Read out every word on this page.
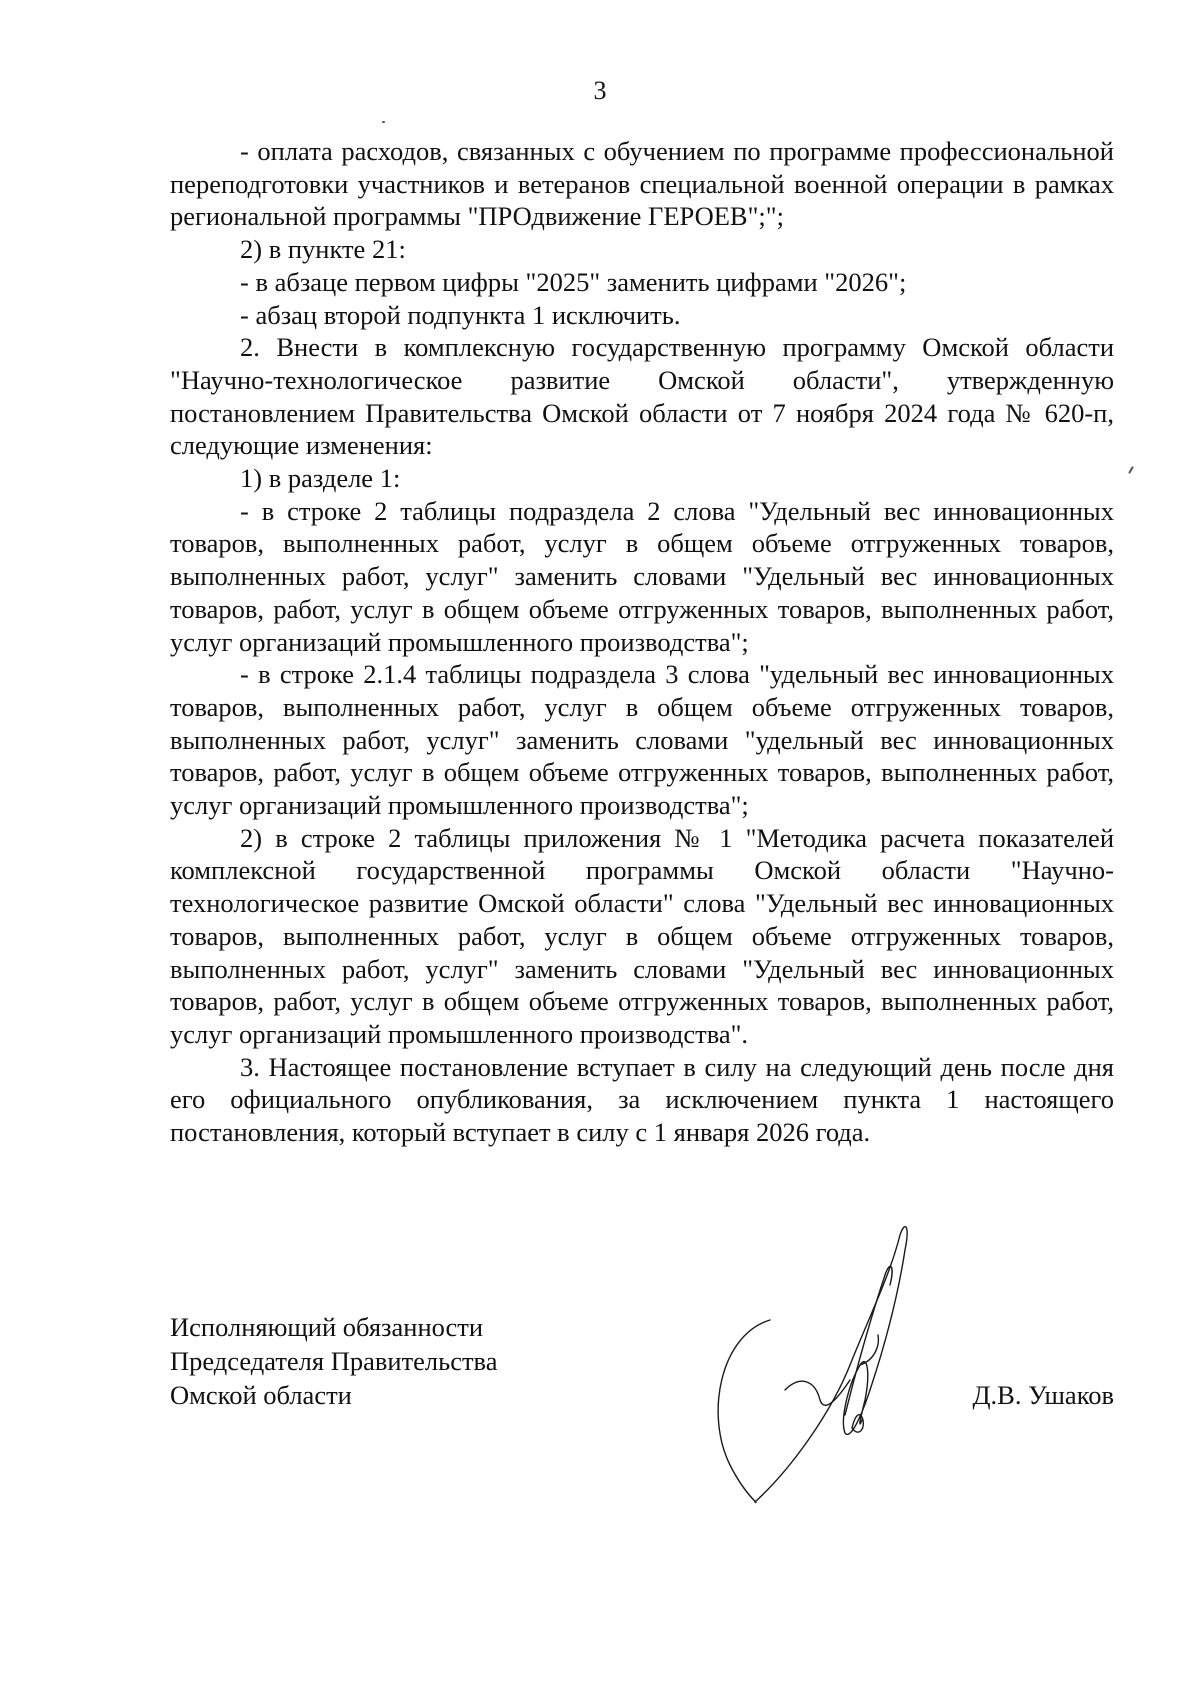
3

- оплата расходов, связанных с обучением по программе профессиональной переподготовки участников и ветеранов специальной военной операции в рамках региональной программы "ПРОдвижение ГЕРОЕВ";";

2) в пункте 21:

- в абзаце первом цифры "2025" заменить цифрами "2026";

- абзац второй подпункта 1 исключить.

2. Внести в комплексную государственную программу Омской области "Научно-технологическое развитие Омской области", утвержденную постановлением Правительства Омской области от 7 ноября 2024 года № 620-п, следующие изменения:

1) в разделе 1:

- в строке 2 таблицы подраздела 2 слова "Удельный вес инновационных товаров, выполненных работ, услуг в общем объеме отгруженных товаров, выполненных работ, услуг" заменить словами "Удельный вес инновационных товаров, работ, услуг в общем объеме отгруженных товаров, выполненных работ, услуг организаций промышленного производства";

- в строке 2.1.4 таблицы подраздела 3 слова "удельный вес инновационных товаров, выполненных работ, услуг в общем объеме отгруженных товаров, выполненных работ, услуг" заменить словами "удельный вес инновационных товаров, работ, услуг в общем объеме отгруженных товаров, выполненных работ, услуг организаций промышленного производства";

2) в строке 2 таблицы приложения № 1 "Методика расчета показателей комплексной государственной программы Омской области "Научно-технологическое развитие Омской области" слова "Удельный вес инновационных товаров, выполненных работ, услуг в общем объеме отгруженных товаров, выполненных работ, услуг" заменить словами "Удельный вес инновационных товаров, работ, услуг в общем объеме отгруженных товаров, выполненных работ, услуг организаций промышленного производства".

3. Настоящее постановление вступает в силу на следующий день после дня его официального опубликования, за исключением пункта 1 настоящего постановления, который вступает в силу с 1 января 2026 года.

Исполняющий обязанности
Председателя Правительства
Омской области	Д.В. Ушаков
